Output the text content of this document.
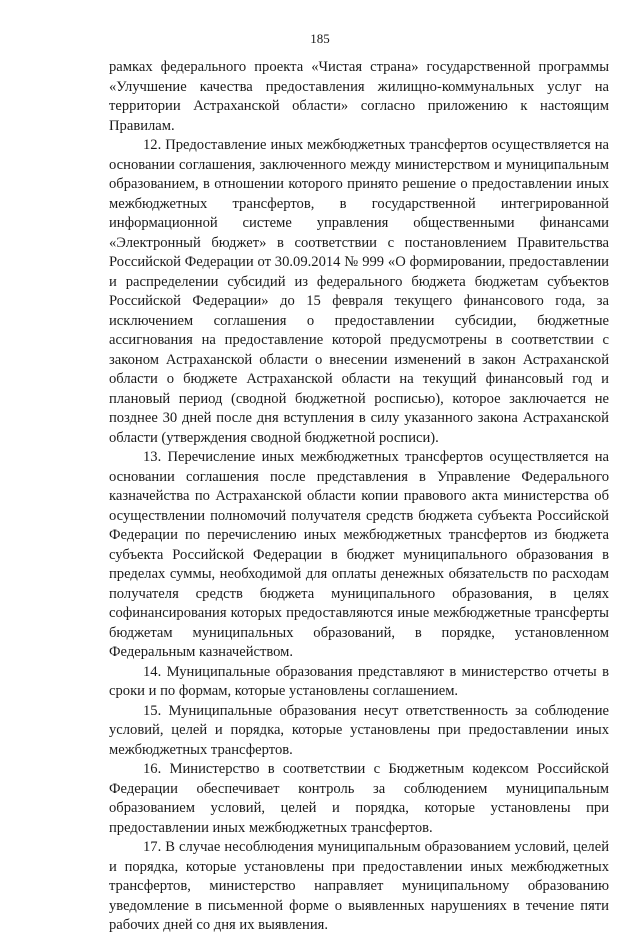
185

рамках федерального проекта «Чистая страна» государственной программы «Улучшение качества предоставления жилищно-коммунальных услуг на территории Астраханской области» согласно приложению к настоящим Правилам.

12. Предоставление иных межбюджетных трансфертов осуществляется на основании соглашения, заключенного между министерством и муниципальным образованием, в отношении которого принято решение о предоставлении иных межбюджетных трансфертов, в государственной интегрированной информационной системе управления общественными финансами «Электронный бюджет» в соответствии с постановлением Правительства Российской Федерации от 30.09.2014 № 999 «О формировании, предоставлении и распределении субсидий из федерального бюджета бюджетам субъектов Российской Федерации» до 15 февраля текущего финансового года, за исключением соглашения о предоставлении субсидии, бюджетные ассигнования на предоставление которой предусмотрены в соответствии с законом Астраханской области о внесении изменений в закон Астраханской области о бюджете Астраханской области на текущий финансовый год и плановый период (сводной бюджетной росписью), которое заключается не позднее 30 дней после дня вступления в силу указанного закона Астраханской области (утверждения сводной бюджетной росписи).

13. Перечисление иных межбюджетных трансфертов осуществляется на основании соглашения после представления в Управление Федерального казначейства по Астраханской области копии правового акта министерства об осуществлении полномочий получателя средств бюджета субъекта Российской Федерации по перечислению иных межбюджетных трансфертов из бюджета субъекта Российской Федерации в бюджет муниципального образования в пределах суммы, необходимой для оплаты денежных обязательств по расходам получателя средств бюджета муниципального образования, в целях софинансирования которых предоставляются иные межбюджетные трансферты бюджетам муниципальных образований, в порядке, установленном Федеральным казначейством.

14. Муниципальные образования представляют в министерство отчеты в сроки и по формам, которые установлены соглашением.

15. Муниципальные образования несут ответственность за соблюдение условий, целей и порядка, которые установлены при предоставлении иных межбюджетных трансфертов.

16. Министерство в соответствии с Бюджетным кодексом Российской Федерации обеспечивает контроль за соблюдением муниципальным образованием условий, целей и порядка, которые установлены при предоставлении иных межбюджетных трансфертов.

17. В случае несоблюдения муниципальным образованием условий, целей и порядка, которые установлены при предоставлении иных межбюджетных трансфертов, министерство направляет муниципальному образованию уведомление в письменной форме о выявленных нарушениях в течение пяти рабочих дней со дня их выявления.
